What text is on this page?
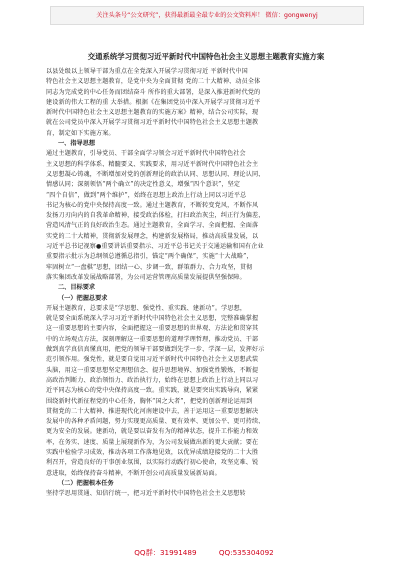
关注头条号“公文研究”，获得最新最全最专业的公文资料库！ 微信：gongwenyj
交通系统学习贯彻习近平新时代中国特色社会主义思想主题教育实施方案
以县处级以上领导干部为重点在全党深入开展学习贯彻习近 平新时代中国
特色社会主义思想主题教育，是党中央为全面贯彻 党的二十大精神、动员全体
同志为完成党的中心任务而团结奋斗 所作的重大部署，是深入推进新时代党的
建设新的伟大工程的重 大举措。根据《在集团党员中深入开展学习贯彻习近平
新时代中国特色社会主义思想主题教育的实施方案》精神，结合公司实际，现
就在公司党员中深入开展学习贯彻习近平新时代中国特色社会主义思想主题教
育，制定如下实施方案。
一、指导思想
通过主题教育，引导党员、干部全面学习领会习近平新时代中国特色社会
主义思想的科学体系、精髓要义、实践要求，用习近平新时代中国特色社会主
义思想凝心铸魂，不断增加对党的创新理论的政治认同、思想认同、理论认同、
情感认同；深刻领悟“两个确立”的决定性意义，增强“四个意识”，坚定
“四个自信”，做到“两个维护”，始终在思想上政治上行动上同以习近平总
书记为核心的党中央保持高度一致。通过主题教育，不断转变党风，不断作风
发扬刀刃向内的自我革命精神，接受政治体检，打扫政治灰尘，纠正行为偏差，
营造风清气正的良好政治生态。通过主题教育，全面学习、全面把握、全面落
实党的二十大精神，贯彻新发展理念，构建新发展格局，推动高质量发展，以
习近平总书记视察●重要讲话重要指示、习近平总书记关于交通运输和国有企业
重要指示批示为总纲领总遵循总指引，锚定“两个确保”，实施“十大战略”，
牢固树立“一盘棋”思想，团结一心、步调一致，群策群力、合力攻坚，贯彻
落实集团改革发展战略部署，为公司运营管理高质量发展提供坚强保障。
二、目标要求
（一）把握总要求
开展主题教育，总要求是“学思想、强党性、重实践、建新功”。学思想，
就是要全面系统深入学习习近平新时代中国特色社会主义思想，完整准确掌握
这一重要思想的主要内容，全面把握这一重要思想的世界观、方法论和贯穿其
中的立场观点方法，深刻理解这一重要思想的道理学理哲理，推动党员、干部
做到真学真信真懂真用，把党的领导干部要做到先学一步、学深一层，发挥好示
范引领作用。强党性，就是要自觉用习近平新时代中国特色社会主义思想武装
头脑，用这一重要思想坚定理想信念、提升思想境界、加强党性锻炼，不断提
高政治判断力、政治领悟力、政治执行力，始终在思想上政治上行动上同以习
近平同志为核心的党中央保持高度一致。重实践，就是要突出实践导向，紧紧
围绕新时代新征程党的中心任务，胸怀“国之大者”，把党的创新理论运用到
贯彻党的二十大精神、推进现代化河南建设中去，善于运用这一重要思想解决
发展中的各种矛盾问题，努力实现更高质量、更有效率、更加公平、更可持续、
更为安全的发展。建新功，就是要以奋发有为的精神状态，提升工作能力和效
率，在务实、速度、质量上展现新作为，为公司发展做出新的更大贡献；要在
实践中检验学习成效，推动各项工作落地见效，以优异成绩迎接党的二十大胜
利召开，营造良好的干事创业氛围，以实际行动践行初心使命，攻坚克难、锐
意进取，始终保持奋斗精神，不断开创公司高质量发展新局面。
（二）把握根本任务
坚持学思用贯通、知信行统一，把习近平新时代中国特色社会主义思想转
QQ群：31991489	QQ:535304092
